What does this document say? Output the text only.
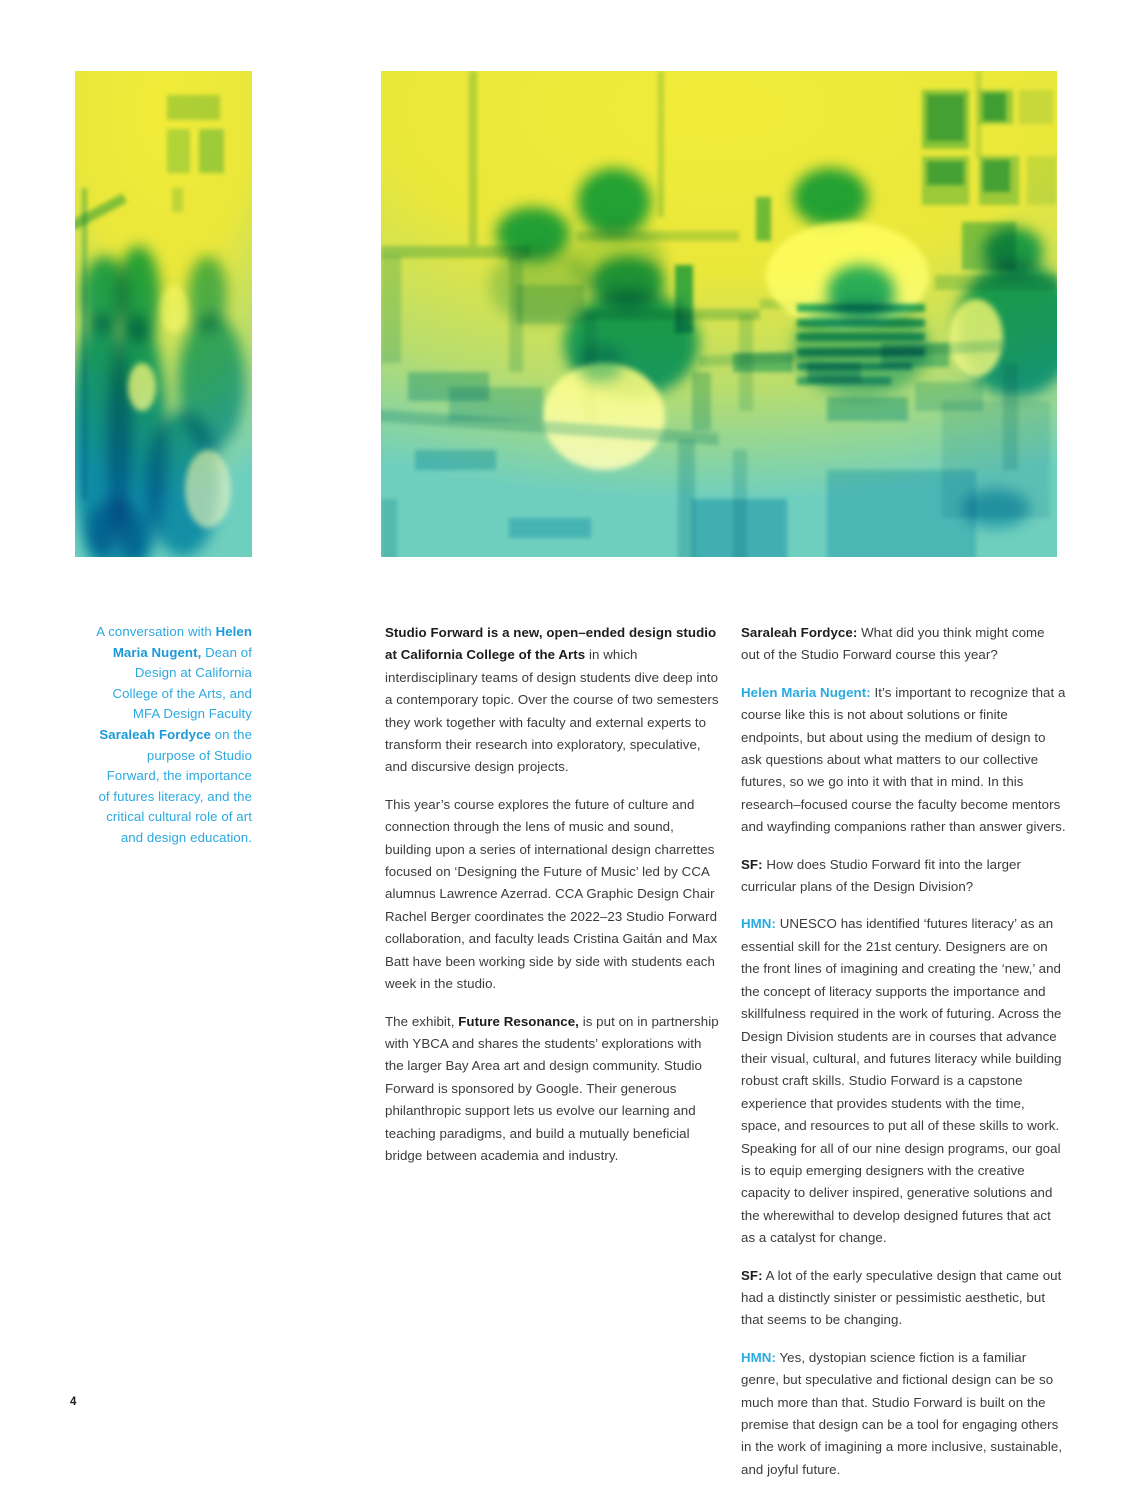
A conversation with Helen Maria Nugent, Dean of Design at California College of the Arts, and MFA Design Faculty Saraleah Fordyce on the purpose of Studio Forward, the importance of futures literacy, and the critical cultural role of art and design education.

Studio Forward is a new, open–ended design studio at California College of the Arts in which interdisciplinary teams of design students dive deep into a contemporary topic. Over the course of two semesters they work together with faculty and external experts to transform their research into exploratory, speculative, and discursive design projects.

This year’s course explores the future of culture and connection through the lens of music and sound, building upon a series of international design charrettes focused on ‘Designing the Future of Music’ led by CCA alumnus Lawrence Azerrad. CCA Graphic Design Chair Rachel Berger coordinates the 2022–23 Studio Forward collaboration, and faculty leads Cristina Gaitán and Max Batt have been working side by side with students each week in the studio.

The exhibit, Future Resonance, is put on in partnership with YBCA and shares the students’ explorations with the larger Bay Area art and design community. Studio Forward is sponsored by Google. Their generous philanthropic support lets us evolve our learning and teaching paradigms, and build a mutually beneficial bridge between academia and industry.

Saraleah Fordyce: What did you think might come out of the Studio Forward course this year?

Helen Maria Nugent: It’s important to recognize that a course like this is not about solutions or finite endpoints, but about using the medium of design to ask questions about what matters to our collective futures, so we go into it with that in mind. In this research–focused course the faculty become mentors and wayfinding companions rather than answer givers.

SF: How does Studio Forward fit into the larger curricular plans of the Design Division?

HMN: UNESCO has identified ‘futures literacy’ as an essential skill for the 21st century. Designers are on the front lines of imagining and creating the ‘new,’ and the concept of literacy supports the importance and skillfulness required in the work of futuring. Across the Design Division students are in courses that advance their visual, cultural, and futures literacy while building robust craft skills. Studio Forward is a capstone experience that provides students with the time, space, and resources to put all of these skills to work. Speaking for all of our nine design programs, our goal is to equip emerging designers with the creative capacity to deliver inspired, generative solutions and the wherewithal to develop designed futures that act as a catalyst for change.

SF: A lot of the early speculative design that came out had a distinctly sinister or pessimistic aesthetic, but that seems to be changing.

HMN: Yes, dystopian science fiction is a familiar genre, but speculative and fictional design can be so much more than that. Studio Forward is built on the premise that design can be a tool for engaging others in the work of imagining a more inclusive, sustainable, and joyful future.

4
